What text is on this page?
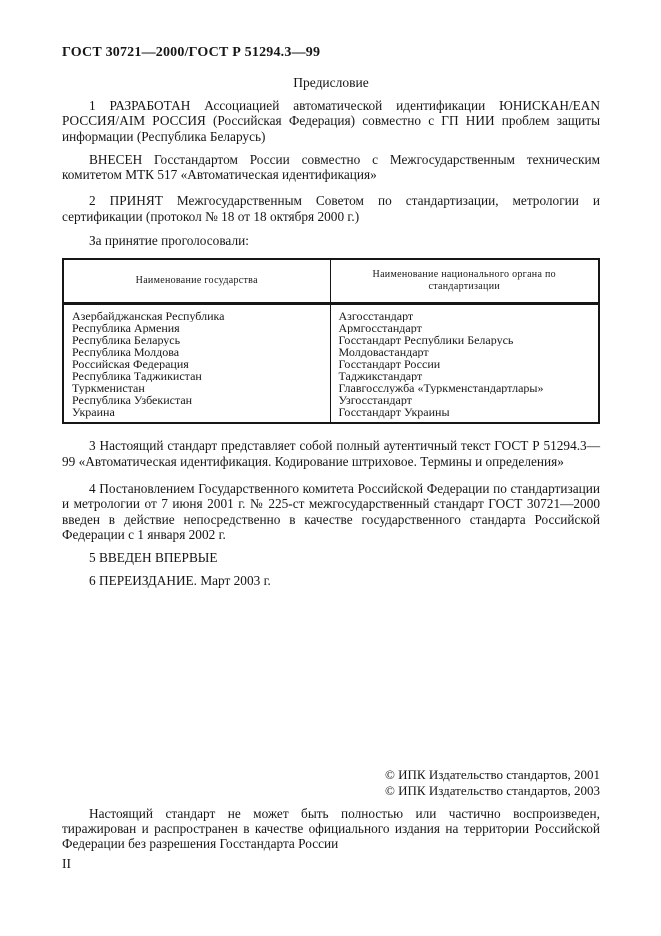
ГОСТ 30721—2000/ГОСТ Р 51294.3—99
Предисловие

1 РАЗРАБОТАН Ассоциацией автоматической идентификации ЮНИСКАН/EAN РОССИЯ/AIM РОССИЯ (Российская Федерация) совместно с ГП НИИ проблем защиты информации (Республика Беларусь)

ВНЕСЕН Госстандартом России совместно с Межгосударственным техническим комитетом МТК 517 «Автоматическая идентификация»

2 ПРИНЯТ Межгосударственным Советом по стандартизации, метрологии и сертификации (протокол № 18 от 18 октября 2000 г.)

За принятие проголосовали:

Наименование государства	Наименование национального органа по стандартизации
Азербайджанская Республика	Азгосстандарт
Республика Армения	Армгосстандарт
Республика Беларусь	Госстандарт Республики Беларусь
Республика Молдова	Молдовастандарт
Российская Федерация	Госстандарт России
Республика Таджикистан	Таджикстандарт
Туркменистан	Главгосслужба «Туркменстандартлары»
Республика Узбекистан	Узгосстандарт
Украина	Госстандарт Украины

3 Настоящий стандарт представляет собой полный аутентичный текст ГОСТ Р 51294.3—99 «Автоматическая идентификация. Кодирование штриховое. Термины и определения»

4 Постановлением Государственного комитета Российской Федерации по стандартизации и метрологии от 7 июня 2001 г. № 225-ст межгосударственный стандарт ГОСТ 30721—2000 введен в действие непосредственно в качестве государственного стандарта Российской Федерации с 1 января 2002 г.

5 ВВЕДЕН ВПЕРВЫЕ

6 ПЕРЕИЗДАНИЕ. Март 2003 г.

© ИПК Издательство стандартов, 2001
© ИПК Издательство стандартов, 2003

Настоящий стандарт не может быть полностью или частично воспроизведен, тиражирован и распространен в качестве официального издания на территории Российской Федерации без разрешения Госстандарта России

II
